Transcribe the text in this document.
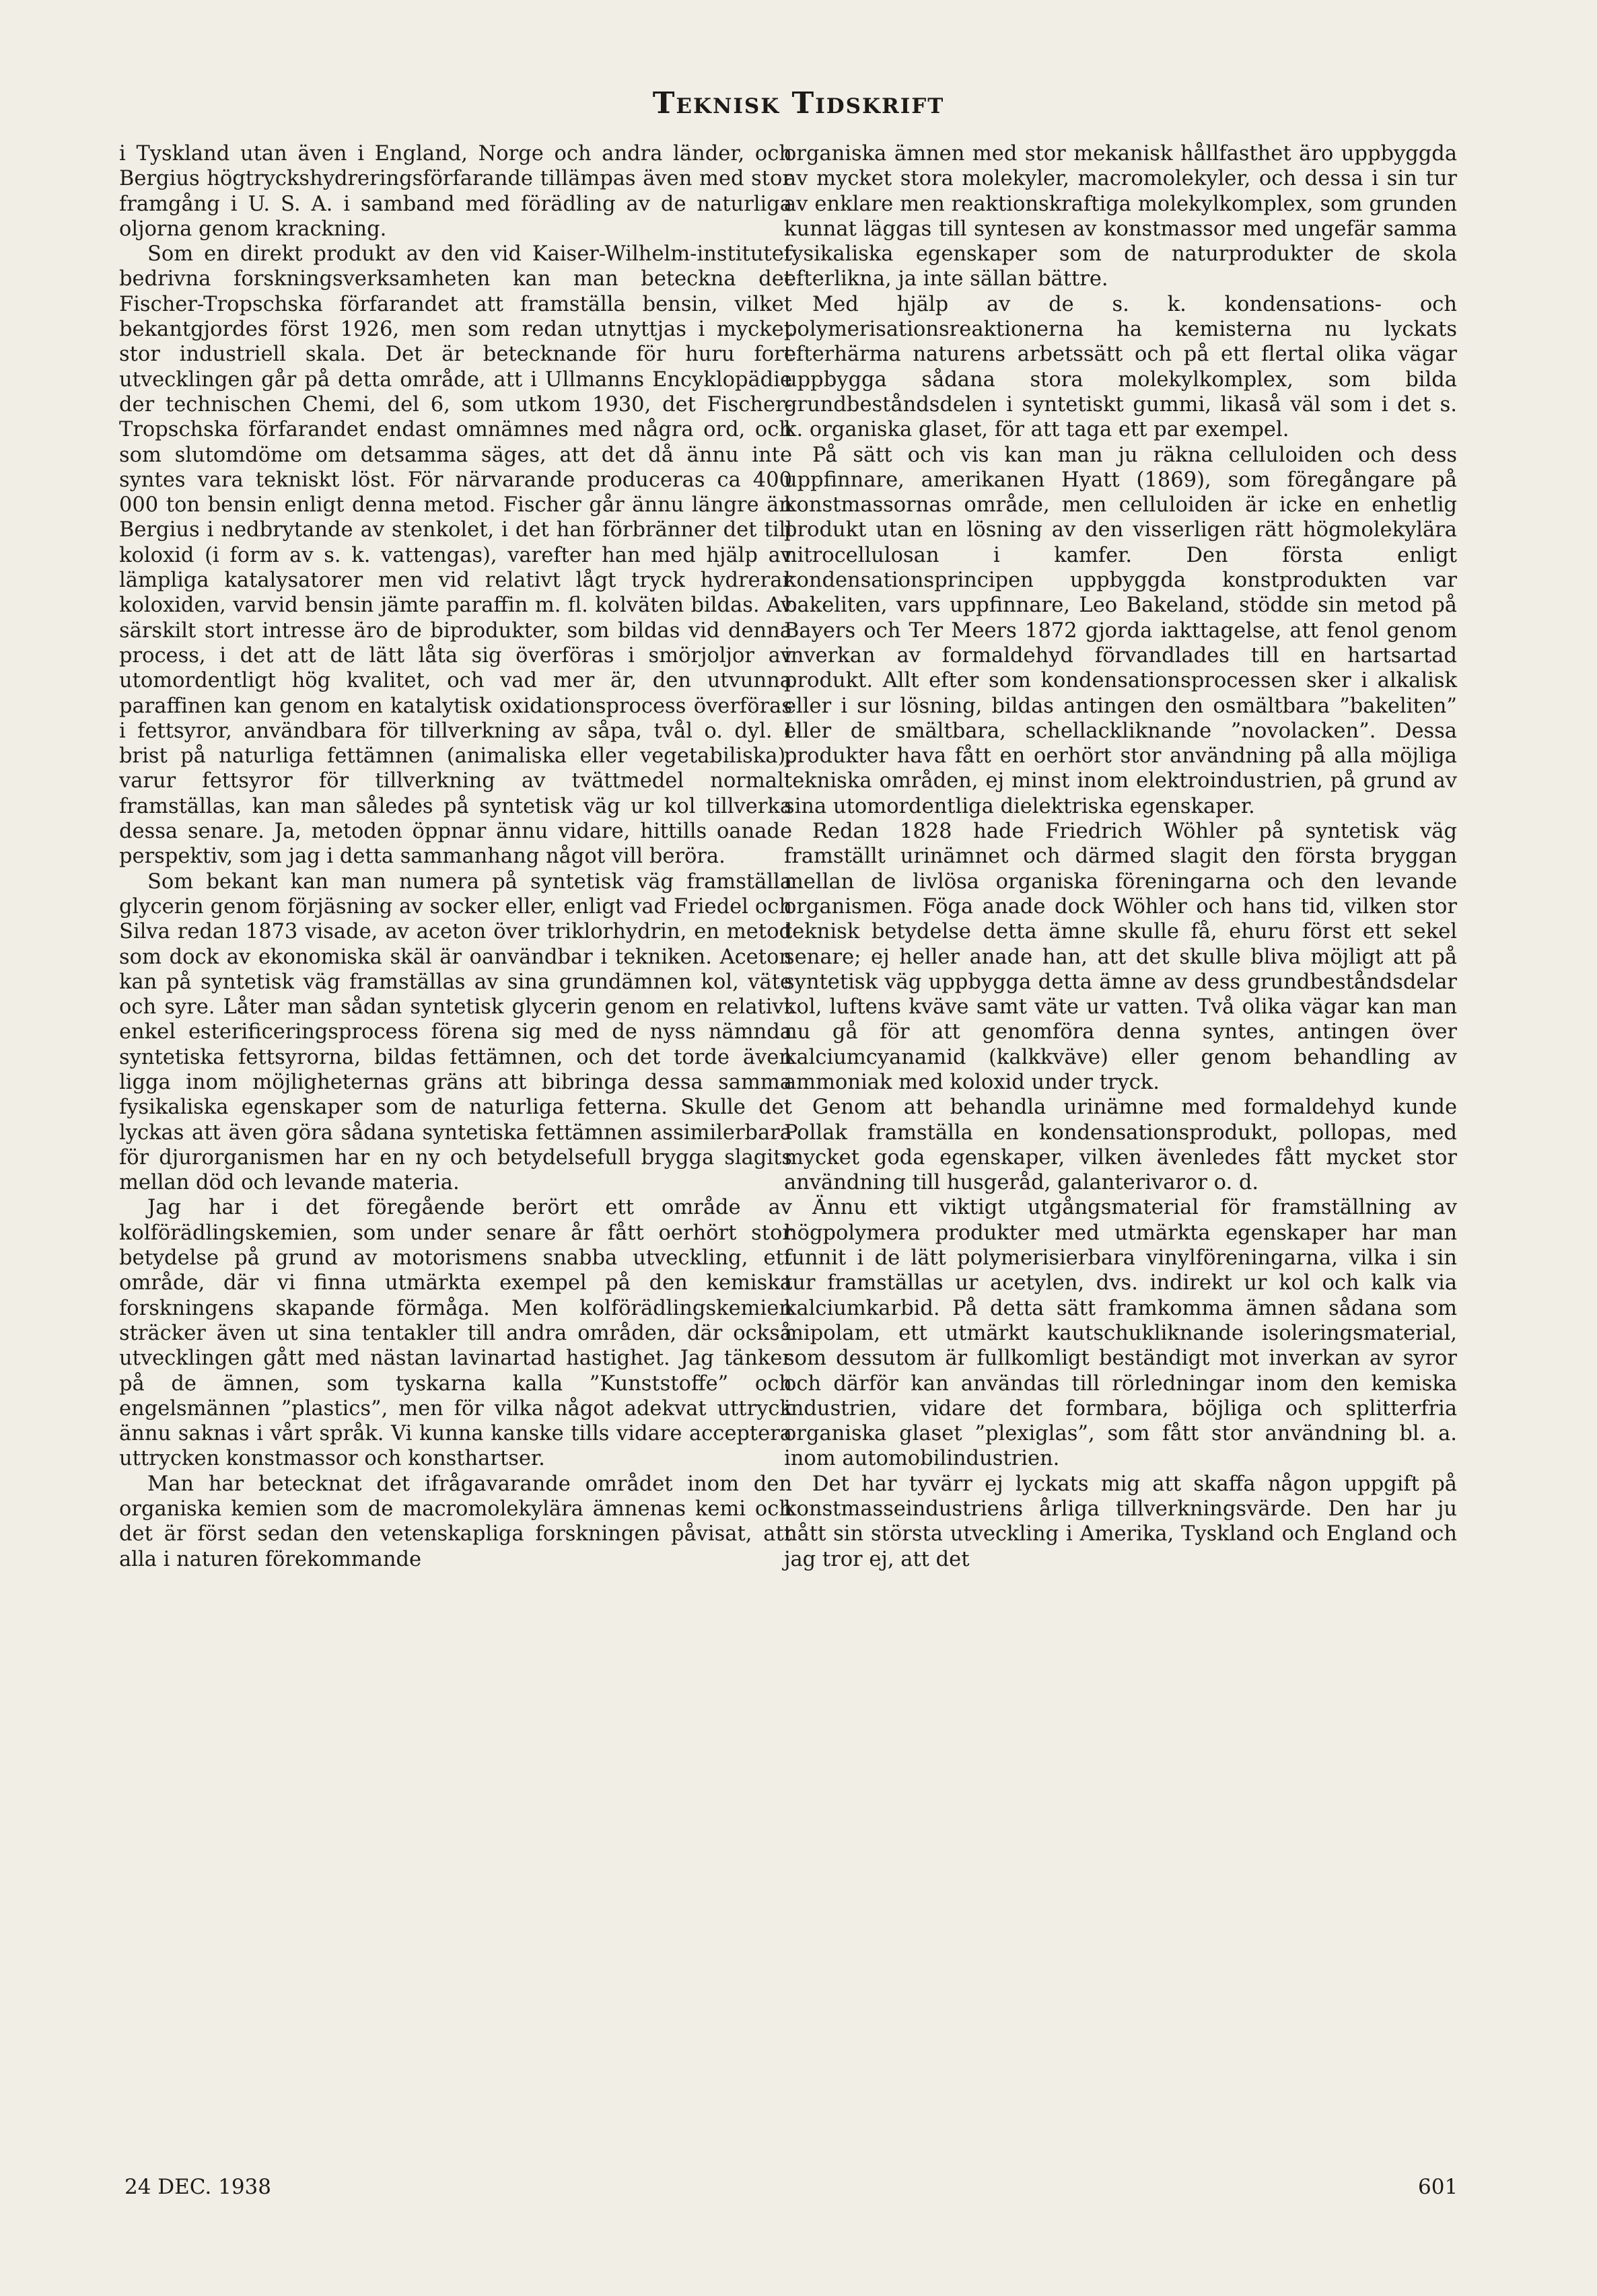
Teknisk Tidskrift

i Tyskland utan även i England, Norge och andra länder, och Bergius högtryckshydreringsförfarande tillämpas även med stor framgång i U. S. A. i samband med förädling av de naturliga oljorna genom krackning.

Som en direkt produkt av den vid Kaiser-Wilhelm-institutet bedrivna forskningsverksamheten kan man beteckna det Fischer-Tropschska förfarandet att framställa bensin, vilket bekantgjordes först 1926, men som redan utnyttjas i mycket stor industriell skala. Det är betecknande för huru fort utvecklingen går på detta område, att i Ullmanns Encyklopädie der technischen Chemi, del 6, som utkom 1930, det Fischer-Tropschska förfarandet endast omnämnes med några ord, och som slutomdöme om detsamma säges, att det då ännu inte syntes vara tekniskt löst. För närvarande produceras ca 400 000 ton bensin enligt denna metod. Fischer går ännu längre än Bergius i nedbrytande av stenkolet, i det han förbränner det till koloxid (i form av s. k. vattengas), varefter han med hjälp av lämpliga katalysatorer men vid relativt lågt tryck hydrerar koloxiden, varvid bensin jämte paraffin m. fl. kolväten bildas. Av särskilt stort intresse äro de biprodukter, som bildas vid denna process, i det att de lätt låta sig överföras i smörjoljor av utomordentligt hög kvalitet, och vad mer är, den utvunna paraffinen kan genom en katalytisk oxidationsprocess överföras i fettsyror, användbara för tillverkning av såpa, tvål o. dyl. I brist på naturliga fettämnen (animaliska eller vegetabiliska), varur fettsyror för tillverkning av tvättmedel normalt framställas, kan man således på syntetisk väg ur kol tillverka dessa senare. Ja, metoden öppnar ännu vidare, hittills oanade perspektiv, som jag i detta sammanhang något vill beröra.

Som bekant kan man numera på syntetisk väg framställa glycerin genom förjäsning av socker eller, enligt vad Friedel och Silva redan 1873 visade, av aceton över triklorhydrin, en metod som dock av ekonomiska skäl är oanvändbar i tekniken. Aceton kan på syntetisk väg framställas av sina grundämnen kol, väte och syre. Låter man sådan syntetisk glycerin genom en relativt enkel esterificeringsprocess förena sig med de nyss nämnda syntetiska fettsyrorna, bildas fettämnen, och det torde även ligga inom möjligheternas gräns att bibringa dessa samma fysikaliska egenskaper som de naturliga fetterna. Skulle det lyckas att även göra sådana syntetiska fettämnen assimilerbara för djurorganismen har en ny och betydelsefull brygga slagits mellan död och levande materia.

Jag har i det föregående berört ett område av kolförädlingskemien, som under senare år fått oerhört stor betydelse på grund av motorismens snabba utveckling, ett område, där vi finna utmärkta exempel på den kemiska forskningens skapande förmåga. Men kolförädlingskemien sträcker även ut sina tentakler till andra områden, där också utvecklingen gått med nästan lavinartad hastighet. Jag tänker på de ämnen, som tyskarna kalla ”Kunststoffe” och engelsmännen ”plastics”, men för vilka något adekvat uttryck ännu saknas i vårt språk. Vi kunna kanske tills vidare acceptera uttrycken konstmassor och konsthartser.

Man har betecknat det ifrågavarande området inom den organiska kemien som de macromolekylära ämnenas kemi och det är först sedan den vetenskapliga forskningen påvisat, att alla i naturen förekommande

organiska ämnen med stor mekanisk hållfasthet äro uppbyggda av mycket stora molekyler, macromolekyler, och dessa i sin tur av enklare men reaktionskraftiga molekylkomplex, som grunden kunnat läggas till syntesen av konstmassor med ungefär samma fysikaliska egenskaper som de naturprodukter de skola efterlikna, ja inte sällan bättre.

Med hjälp av de s. k. kondensations- och polymerisationsreaktionerna ha kemisterna nu lyckats efterhärma naturens arbetssätt och på ett flertal olika vägar uppbygga sådana stora molekylkomplex, som bilda grundbeståndsdelen i syntetiskt gummi, likaså väl som i det s. k. organiska glaset, för att taga ett par exempel.

På sätt och vis kan man ju räkna celluloiden och dess uppfinnare, amerikanen Hyatt (1869), som föregångare på konstmassornas område, men celluloiden är icke en enhetlig produkt utan en lösning av den visserligen rätt högmolekylära nitrocellulosan i kamfer. Den första enligt kondensationsprincipen uppbyggda konstprodukten var bakeliten, vars uppfinnare, Leo Bakeland, stödde sin metod på Bayers och Ter Meers 1872 gjorda iakttagelse, att fenol genom inverkan av formaldehyd förvandlades till en hartsartad produkt. Allt efter som kondensationsprocessen sker i alkalisk eller i sur lösning, bildas antingen den osmältbara ”bakeliten” eller de smältbara, schellackliknande ”novolacken”. Dessa produkter hava fått en oerhört stor användning på alla möjliga tekniska områden, ej minst inom elektroindustrien, på grund av sina utomordentliga dielektriska egenskaper.

Redan 1828 hade Friedrich Wöhler på syntetisk väg framställt urinämnet och därmed slagit den första bryggan mellan de livlösa organiska föreningarna och den levande organismen. Föga anade dock Wöhler och hans tid, vilken stor teknisk betydelse detta ämne skulle få, ehuru först ett sekel senare; ej heller anade han, att det skulle bliva möjligt att på syntetisk väg uppbygga detta ämne av dess grundbeståndsdelar kol, luftens kväve samt väte ur vatten. Två olika vägar kan man nu gå för att genomföra denna syntes, antingen över kalciumcyanamid (kalkkväve) eller genom behandling av ammoniak med koloxid under tryck.

Genom att behandla urinämne med formaldehyd kunde Pollak framställa en kondensationsprodukt, pollopas, med mycket goda egenskaper, vilken ävenledes fått mycket stor användning till husgeråd, galanterivaror o. d.

Ännu ett viktigt utgångsmaterial för framställning av högpolymera produkter med utmärkta egenskaper har man funnit i de lätt polymerisierbara vinylföreningarna, vilka i sin tur framställas ur acetylen, dvs. indirekt ur kol och kalk via kalciumkarbid. På detta sätt framkomma ämnen sådana som mipolam, ett utmärkt kautschukliknande isoleringsmaterial, som dessutom är fullkomligt beständigt mot inverkan av syror och därför kan användas till rörledningar inom den kemiska industrien, vidare det formbara, böjliga och splitterfria organiska glaset ”plexiglas”, som fått stor användning bl. a. inom automobilindustrien.

Det har tyvärr ej lyckats mig att skaffa någon uppgift på konstmasseindustriens årliga tillverkningsvärde. Den har ju nått sin största utveckling i Amerika, Tyskland och England och jag tror ej, att det

24 DEC. 1938	601
